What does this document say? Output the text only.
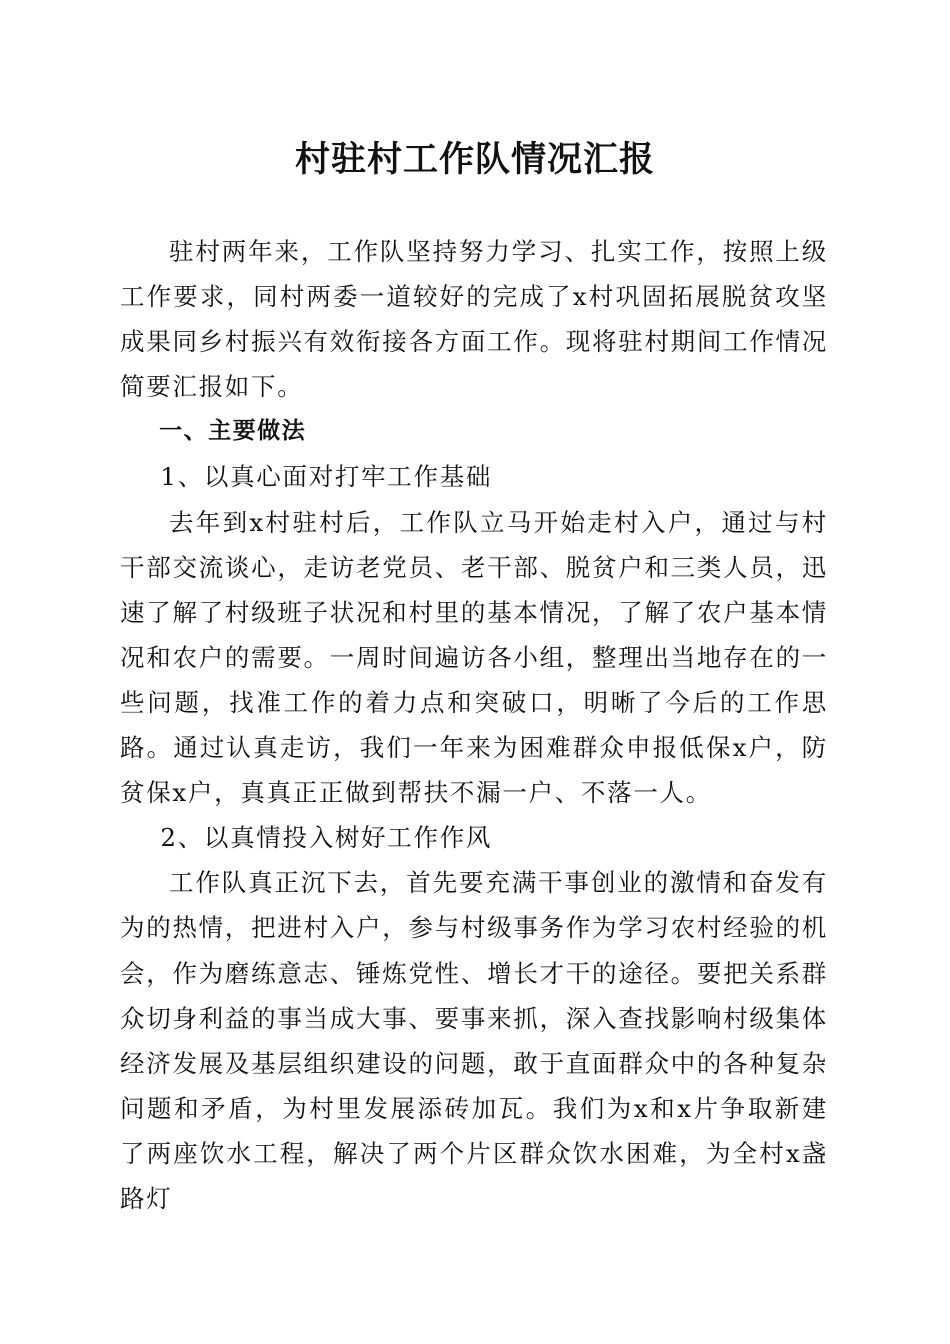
村驻村工作队情况汇报

驻村两年来，工作队坚持努力学习、扎实工作，按照上级工作要求，同村两委一道较好的完成了x村巩固拓展脱贫攻坚成果同乡村振兴有效衔接各方面工作。现将驻村期间工作情况简要汇报如下。

一、主要做法

1、以真心面对打牢工作基础

去年到x村驻村后，工作队立马开始走村入户，通过与村干部交流谈心，走访老党员、老干部、脱贫户和三类人员，迅速了解了村级班子状况和村里的基本情况，了解了农户基本情况和农户的需要。一周时间遍访各小组，整理出当地存在的一些问题，找准工作的着力点和突破口，明晰了今后的工作思路。通过认真走访，我们一年来为困难群众申报低保x户，防贫保x户，真真正正做到帮扶不漏一户、不落一人。

2、以真情投入树好工作作风

工作队真正沉下去，首先要充满干事创业的激情和奋发有为的热情，把进村入户，参与村级事务作为学习农村经验的机会，作为磨练意志、锤炼党性、增长才干的途径。要把关系群众切身利益的事当成大事、要事来抓，深入查找影响村级集体经济发展及基层组织建设的问题，敢于直面群众中的各种复杂问题和矛盾，为村里发展添砖加瓦。我们为x和x片争取新建了两座饮水工程，解决了两个片区群众饮水困难，为全村x盏路灯
